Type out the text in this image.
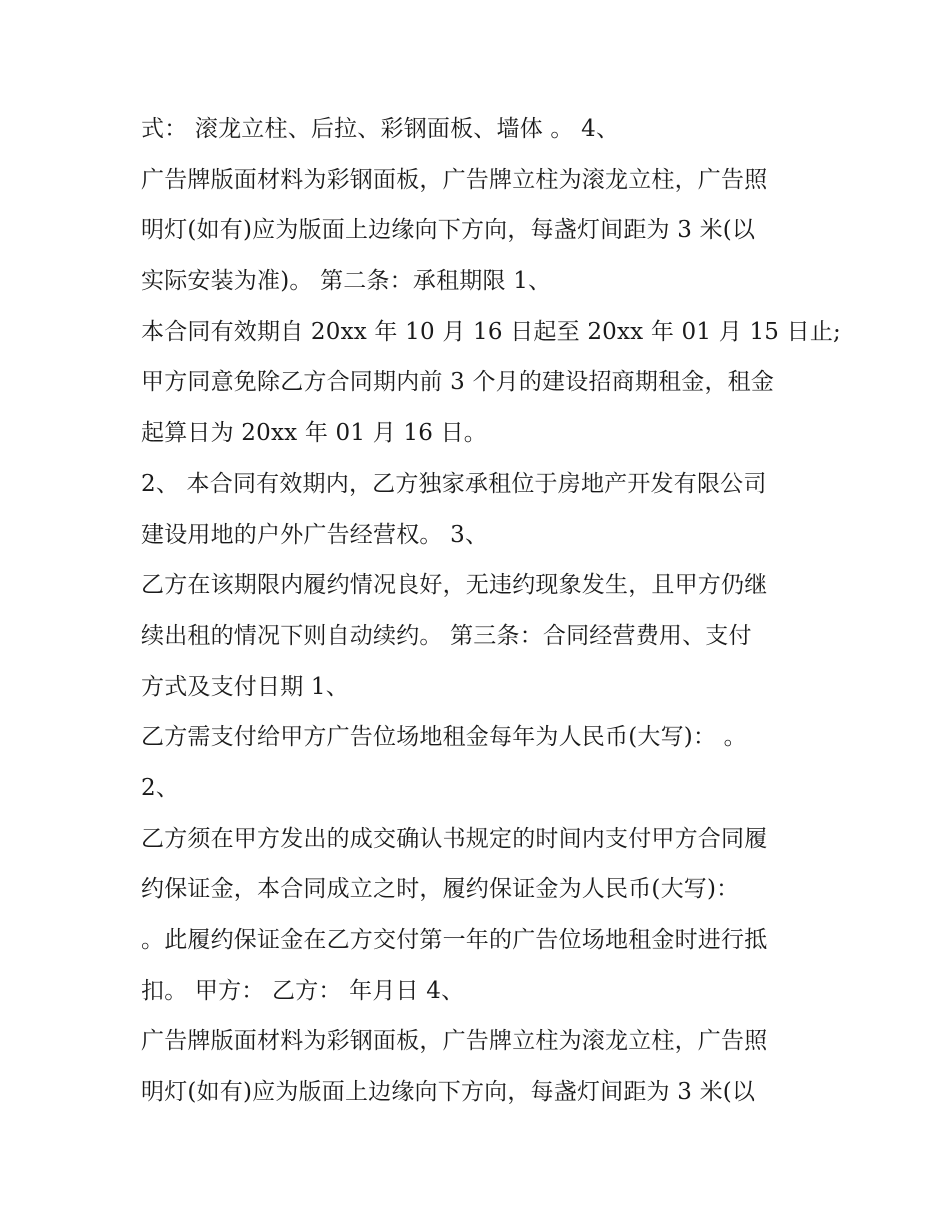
式： 滚龙立柱、后拉、彩钢面板、墙体 。 4、
广告牌版面材料为彩钢面板，广告牌立柱为滚龙立柱，广告照
明灯(如有)应为版面上边缘向下方向，每盏灯间距为 3 米(以
实际安装为准)。 第二条：承租期限 1、
本合同有效期自 20xx 年 10 月 16 日起至 20xx 年 01 月 15 日止;
甲方同意免除乙方合同期内前 3 个月的建设招商期租金，租金
起算日为 20xx 年 01 月 16 日。
2、 本合同有效期内，乙方独家承租位于房地产开发有限公司
建设用地的户外广告经营权。 3、
乙方在该期限内履约情况良好，无违约现象发生，且甲方仍继
续出租的情况下则自动续约。 第三条：合同经营费用、支付
方式及支付日期 1、
乙方需支付给甲方广告位场地租金每年为人民币(大写)： 。
2、
乙方须在甲方发出的成交确认书规定的时间内支付甲方合同履
约保证金，本合同成立之时，履约保证金为人民币(大写)：
。此履约保证金在乙方交付第一年的广告位场地租金时进行抵
扣。 甲方： 乙方： 年月日 4、
广告牌版面材料为彩钢面板，广告牌立柱为滚龙立柱，广告照
明灯(如有)应为版面上边缘向下方向，每盏灯间距为 3 米(以
